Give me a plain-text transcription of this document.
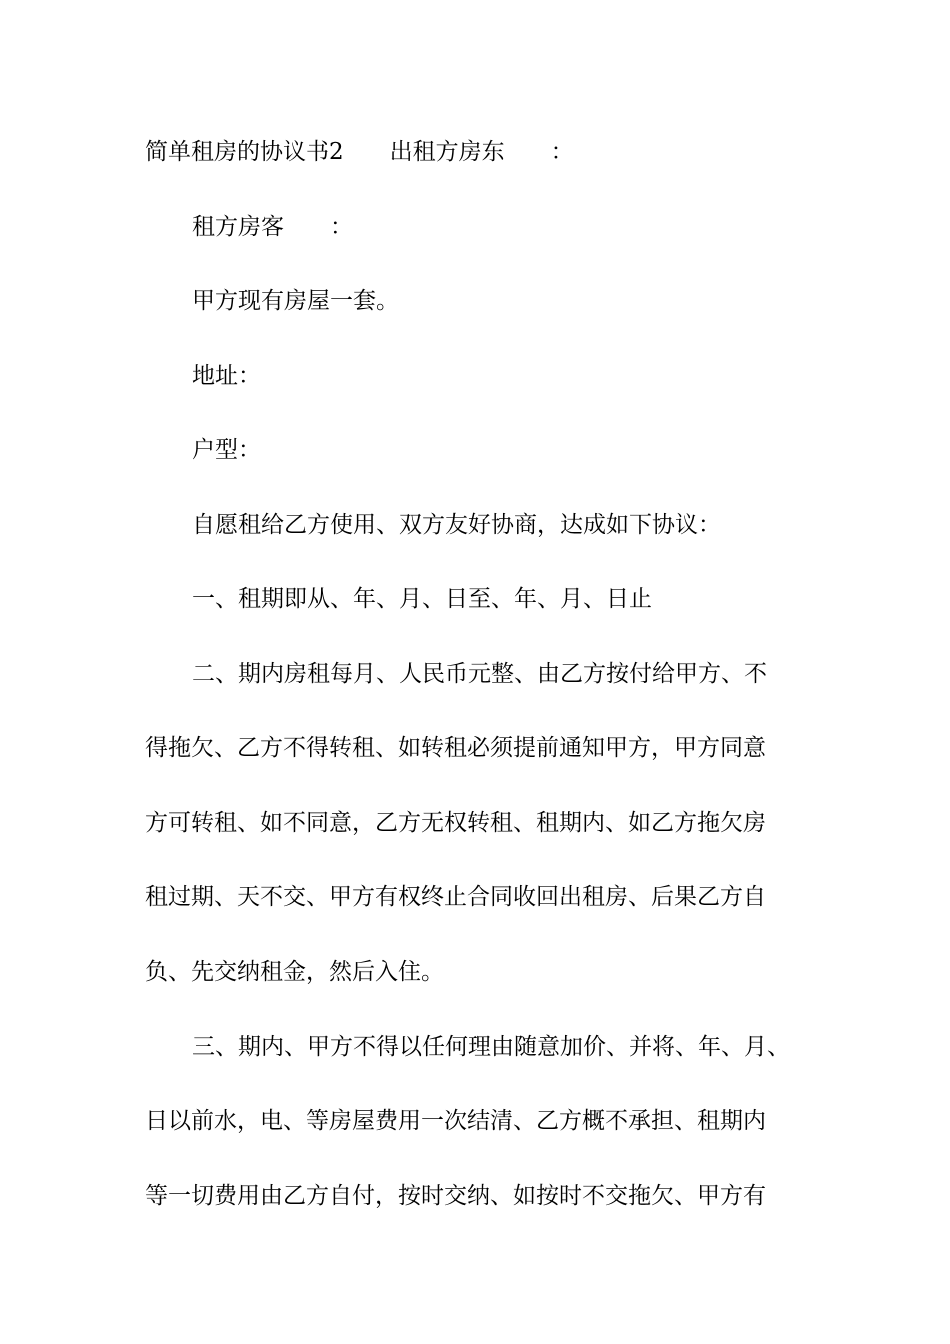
简单租房的协议书2　　出租方房东　　：
租方房客　　：
甲方现有房屋一套。
地址：
户型：
自愿租给乙方使用、双方友好协商，达成如下协议：
一、租期即从、年、月、日至、年、月、日止
二、期内房租每月、人民币元整、由乙方按付给甲方、不
得拖欠、乙方不得转租、如转租必须提前通知甲方，甲方同意
方可转租、如不同意，乙方无权转租、租期内、如乙方拖欠房
租过期、天不交、甲方有权终止合同收回出租房、后果乙方自
负、先交纳租金，然后入住。
三、期内、甲方不得以任何理由随意加价、并将、年、月、
日以前水，电、等房屋费用一次结清、乙方概不承担、租期内
等一切费用由乙方自付，按时交纳、如按时不交拖欠、甲方有
